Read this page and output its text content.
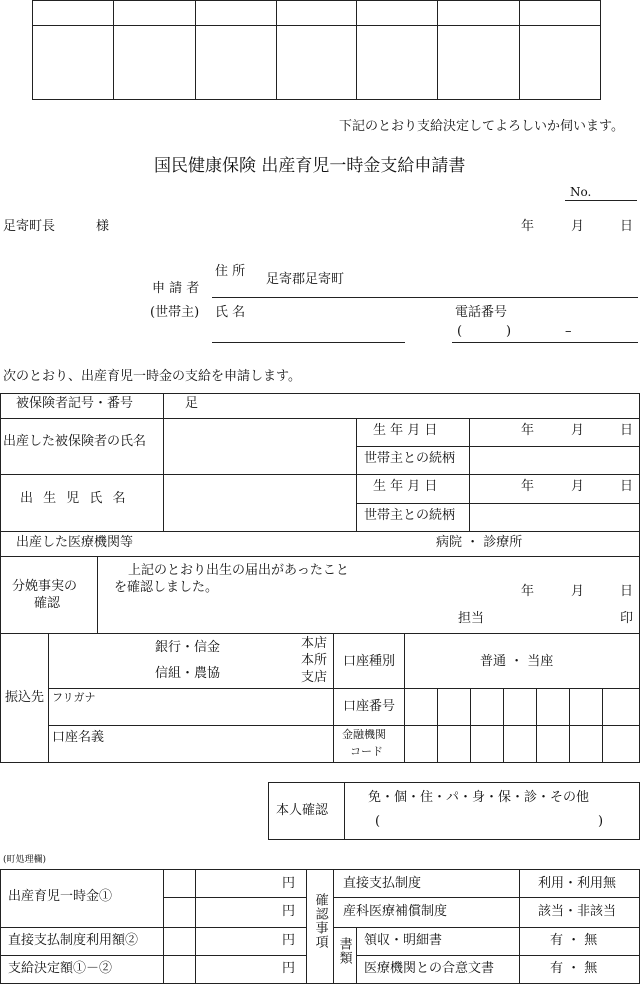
下記のとおり支給決定してよろしいか伺います。
国民健康保険 出産育児一時金支給申請書
No.
足寄町長	様	年	月	日
申 請 者
(世帯主)
住 所
足寄郡足寄町
氏 名	電話番号
(	)	–
次のとおり、出産育児一時金の支給を申請します。
被保険者記号・番号	足
出産した被保険者の氏名
生 年 月 日	年	月	日
世帯主との続柄
出 生 児 氏 名
生 年 月 日	年	月	日
世帯主との続柄
出産した医療機関等	病院 ・ 診療所
分娩事実の
確認
上記のとおり出生の届出があったこと
を確認しました。	年	月	日
担当	印
振込先
銀行・信金
信組・農協
本店
本所
支店
口座種別	普通 ・ 当座
フリガナ
口座番号
口座名義	金融機関
コード
本人確認
免・個・住・パ・身・保・診・その他
(	)
(町処理欄)
出産育児一時金①
円
円
直接支払制度利用額②	円
支給決定額①－②	円
確認事項
書類
直接支払制度	利用・利用無
産科医療補償制度	該当・非該当
領収・明細書	有 ・ 無
医療機関との合意文書	有 ・ 無
